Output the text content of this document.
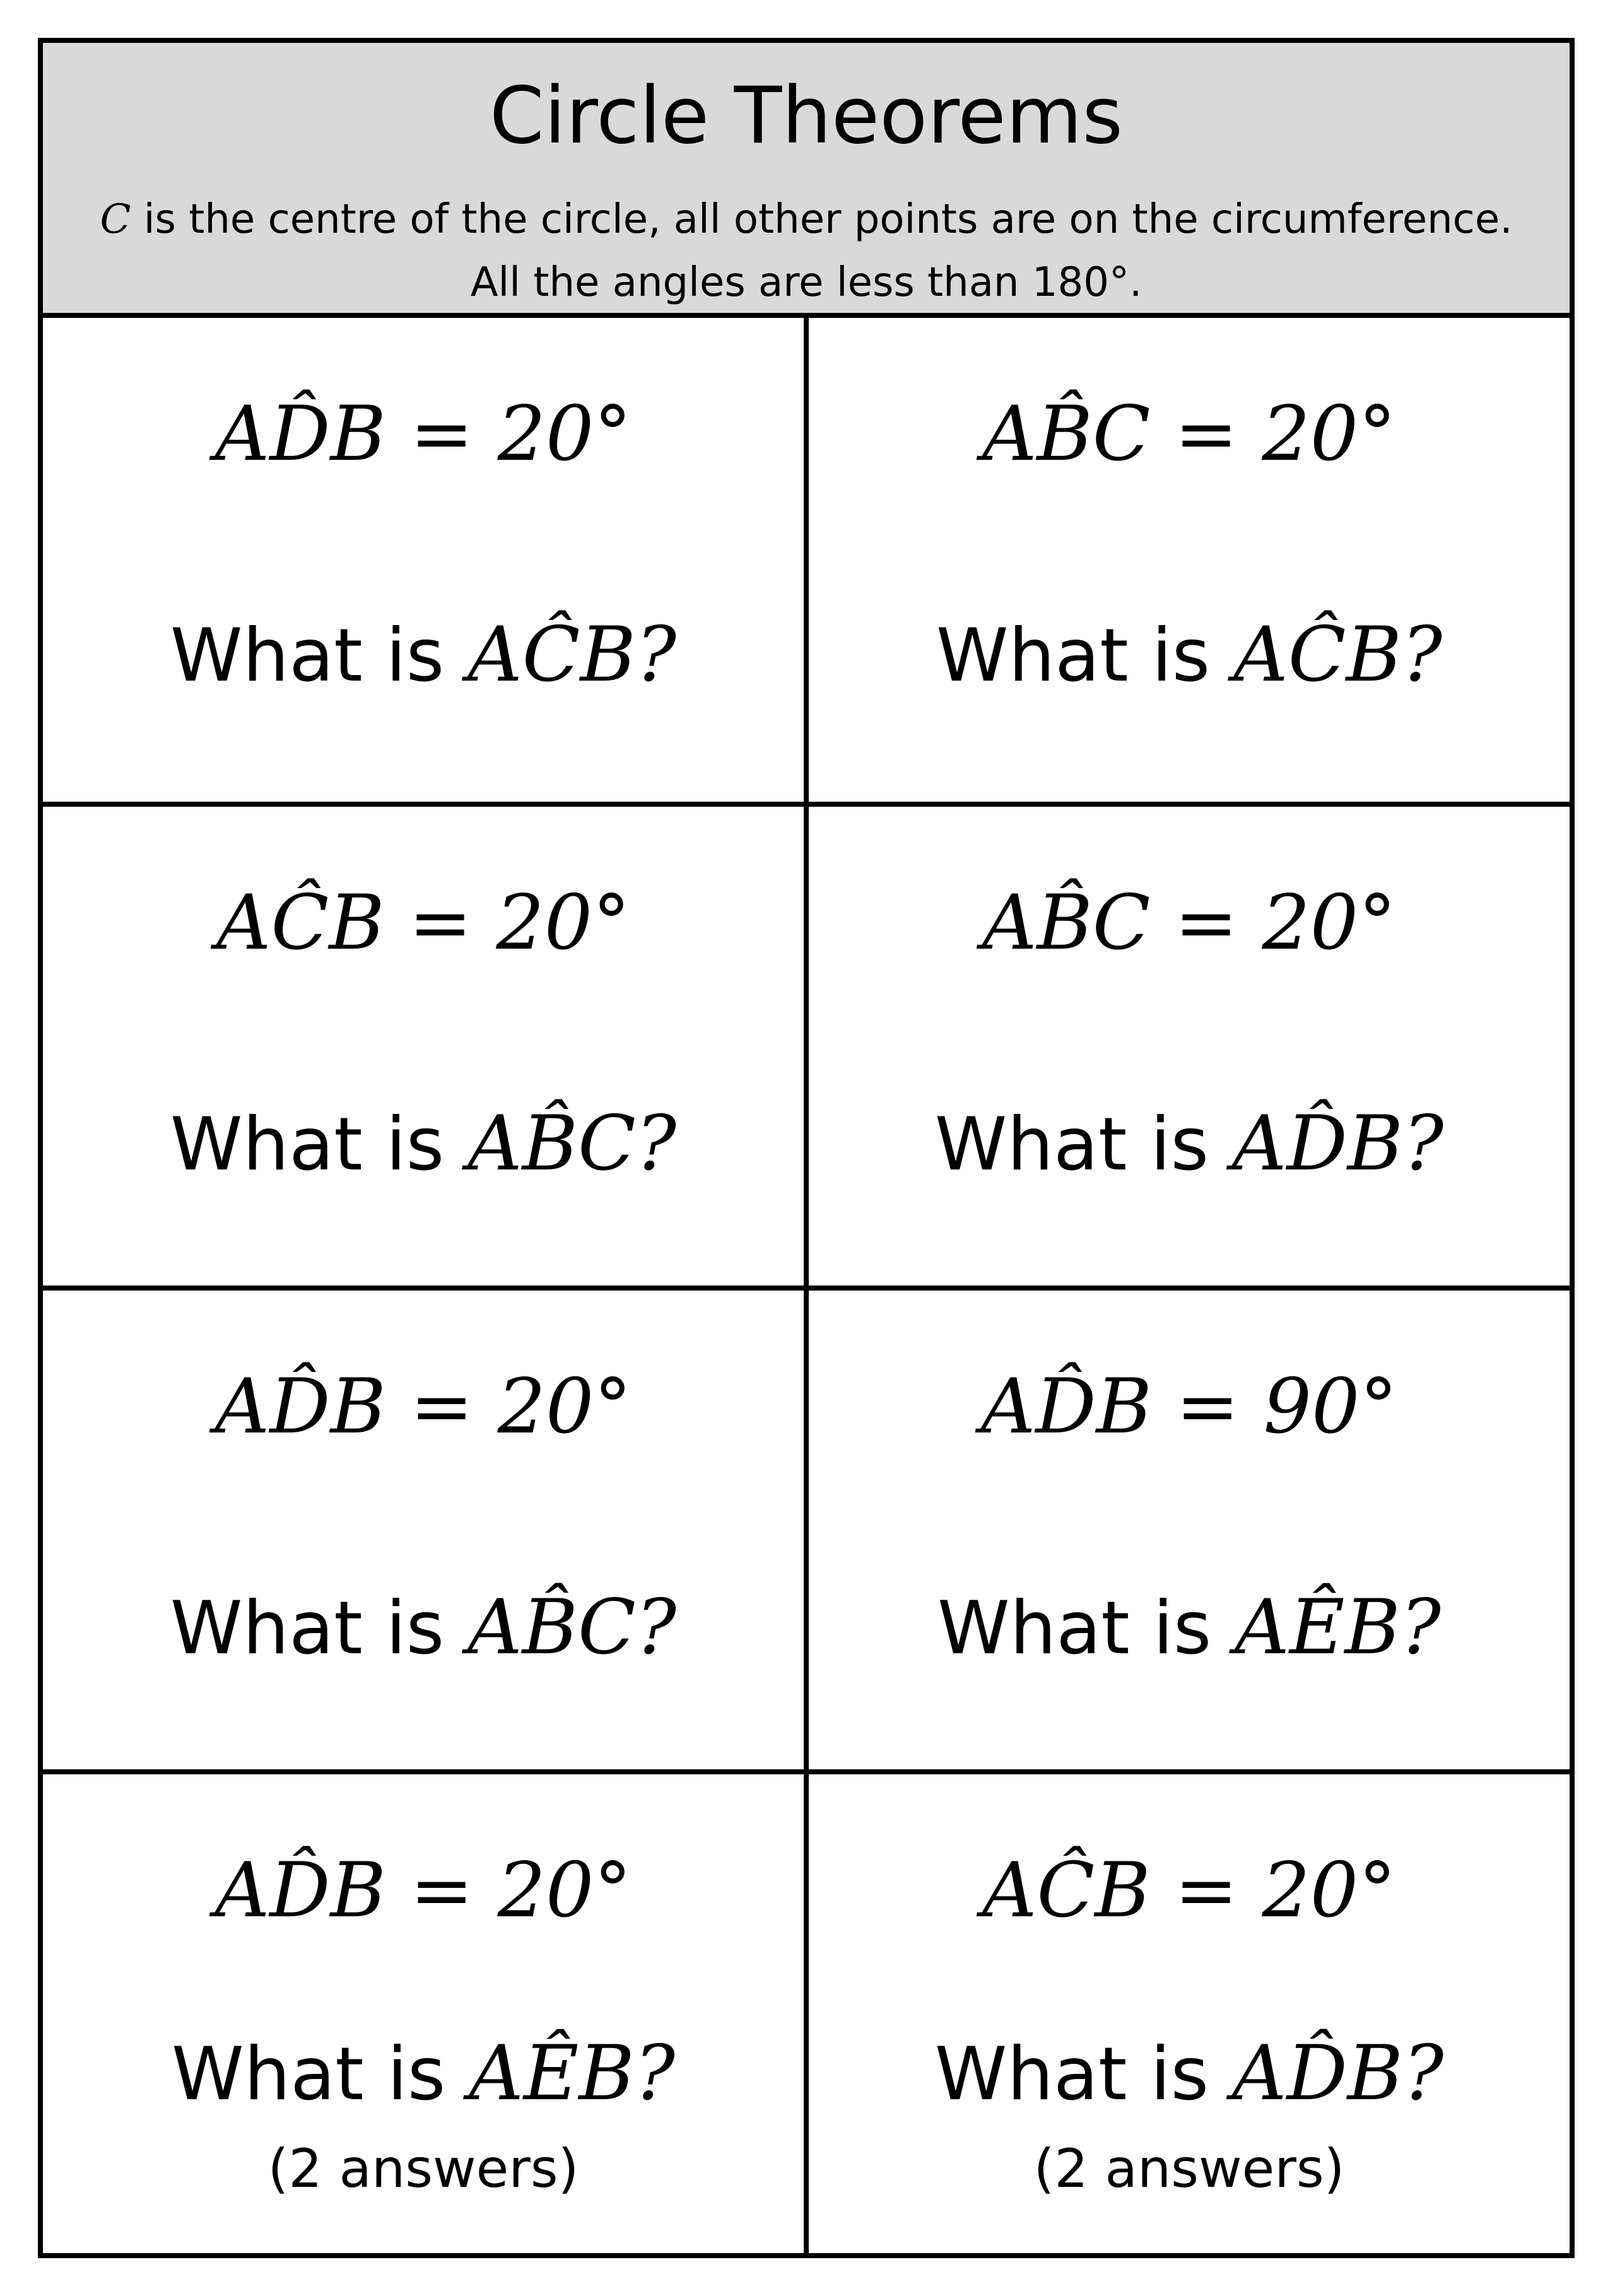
Circle Theorems
C is the centre of the circle, all other points are on the circumference.
All the angles are less than 180°.
AD̂B = 20°
What is AĈB?
AB̂C = 20°
What is AĈB?
AĈB = 20°
What is AB̂C?
AB̂C = 20°
What is AD̂B?
AD̂B = 20°
What is AB̂C?
AD̂B = 90°
What is AÊB?
AD̂B = 20°
What is AÊB?
(2 answers)
AĈB = 20°
What is AD̂B?
(2 answers)
